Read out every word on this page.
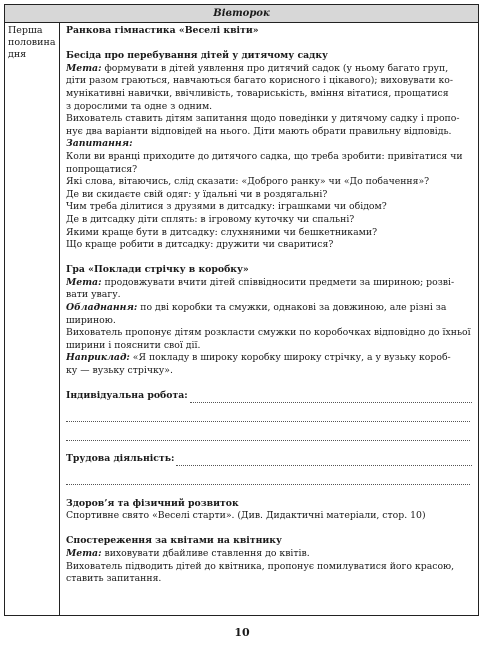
Вівторок
Перша
половина
дня
Ранкова гімнастика «Веселі квіти»
Бесіда про перебування дітей у дитячому садку
Мета: формувати в дітей уявлення про дитячий садок (у ньому багато груп,
діти разом граються, навчаються багато корисного і цікавого); виховувати ко-
мунікативні навички, ввічливість, товариськість, вміння вітатися, прощатися
з дорослими та одне з одним.
Вихователь ставить дітям запитання щодо поведінки у дитячому садку і пропо-
нує два варіанти відповідей на нього. Діти мають обрати правильну відповідь.
Запитання:
Коли ви вранці приходите до дитячого садка, що треба зробити: привітатися чи
попрощатися?
Які слова, вітаючись, слід сказати: «Доброго ранку» чи «До побачення»?
Де ви скидаєте свій одяг: у їдальні чи в роздягальні?
Чим треба ділитися з друзями в дитсадку: іграшками чи обідом?
Де в дитсадку діти сплять: в ігровому куточку чи спальні?
Якими краще бути в дитсадку: слухняними чи бешкетниками?
Що краще робити в дитсадку: дружити чи сваритися?
Гра «Поклади стрічку в коробку»
Мета: продовжувати вчити дітей співвідносити предмети за шириною; розві-
вати увагу.
Обладнання: по дві коробки та смужки, однакові за довжиною, але різні за
шириною.
Вихователь пропонує дітям розкласти смужки по коробочках відповідно до їхньої
ширини і пояснити свої дії.
Наприклад: «Я покладу в широку коробку широку стрічку, а у вузьку короб-
ку — вузьку стрічку».
Індивідуальна робота:
Трудова діяльність:
Здоров’я та фізичний розвиток
Спортивне свято «Веселі старти». (Див. Дидактичні матеріали, стор. 10)
Спостереження за квітами на квітнику
Мета: виховувати дбайливе ставлення до квітів.
Вихователь підводить дітей до квітника, пропонує помилуватися його красою,
ставить запитання.
10
